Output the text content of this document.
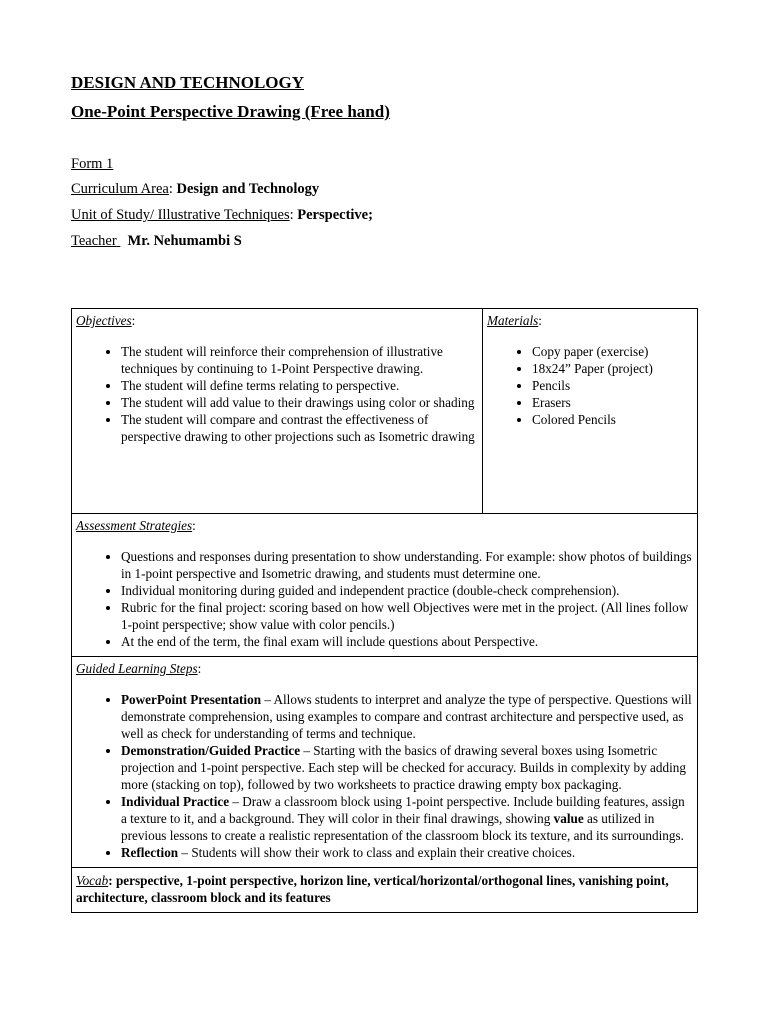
DESIGN AND TECHNOLOGY
One-Point Perspective Drawing (Free hand)
Form 1
Curriculum Area: Design and Technology
Unit of Study/ Illustrative Techniques: Perspective;
Teacher Mr. Nehumambi S
Objectives:
• The student will reinforce their comprehension of illustrative techniques by continuing to 1-Point Perspective drawing.
• The student will define terms relating to perspective.
• The student will add value to their drawings using color or shading
• The student will compare and contrast the effectiveness of perspective drawing to other projections such as Isometric drawing
	Materials:
• Copy paper (exercise)
• 18x24” Paper (project)
• Pencils
• Erasers
• Colored Pencils

Assessment Strategies:
• Questions and responses during presentation to show understanding. For example: show photos of buildings in 1-point perspective and Isometric drawing, and students must determine one.
• Individual monitoring during guided and independent practice (double-check comprehension).
• Rubric for the final project: scoring based on how well Objectives were met in the project. (All lines follow 1-point perspective; show value with color pencils.)
• At the end of the term, the final exam will include questions about Perspective.

Guided Learning Steps:
• PowerPoint Presentation – Allows students to interpret and analyze the type of perspective. Questions will demonstrate comprehension, using examples to compare and contrast architecture and perspective used, as well as check for understanding of terms and technique.
• Demonstration/Guided Practice – Starting with the basics of drawing several boxes using Isometric projection and 1-point perspective. Each step will be checked for accuracy. Builds in complexity by adding more (stacking on top), followed by two worksheets to practice drawing empty box packaging.
• Individual Practice – Draw a classroom block using 1-point perspective. Include building features, assign a texture to it, and a background. They will color in their final drawings, showing value as utilized in previous lessons to create a realistic representation of the classroom block its texture, and its surroundings.
• Reflection – Students will show their work to class and explain their creative choices.

Vocab: perspective, 1-point perspective, horizon line, vertical/horizontal/orthogonal lines, vanishing point, architecture, classroom block and its features
